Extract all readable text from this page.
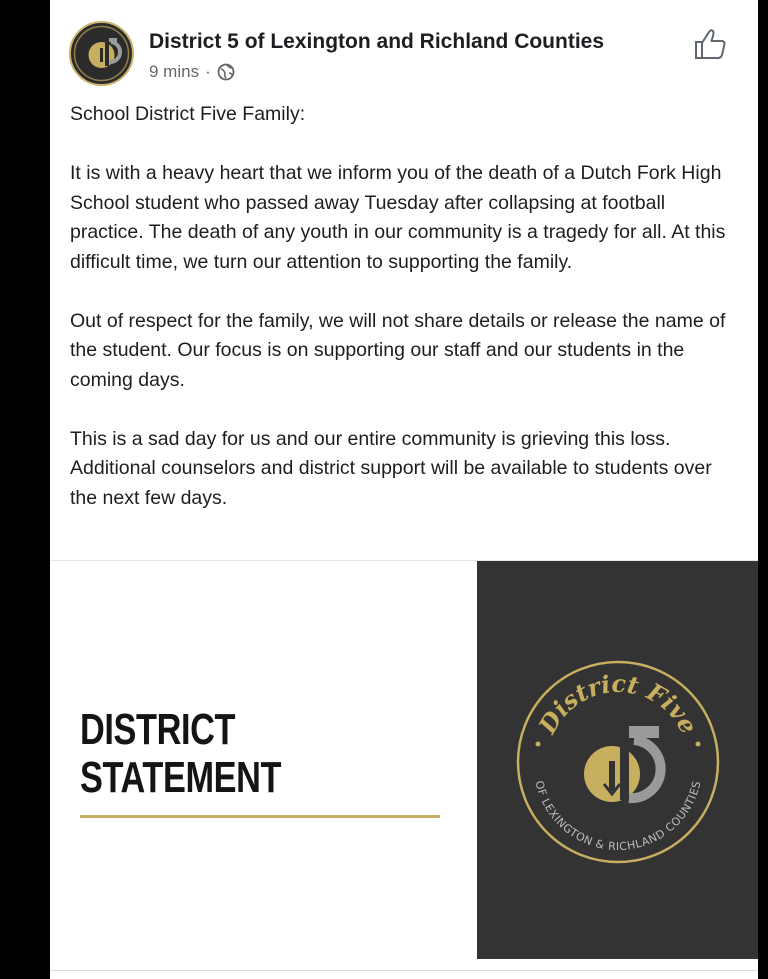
District 5 of Lexington and Richland Counties
9 mins ·

School District Five Family:

It is with a heavy heart that we inform you of the death of a Dutch Fork High School student who passed away Tuesday after collapsing at football practice. The death of any youth in our community is a tragedy for all. At this difficult time, we turn our attention to supporting the family.

Out of respect for the family, we will not share details or release the name of the student. Our focus is on supporting our staff and our students in the coming days.

This is a sad day for us and our entire community is grieving this loss. Additional counselors and district support will be available to students over the next few days.

DISTRICT
STATEMENT
District Five
OF LEXINGTON & RICHLAND COUNTIES
d5
